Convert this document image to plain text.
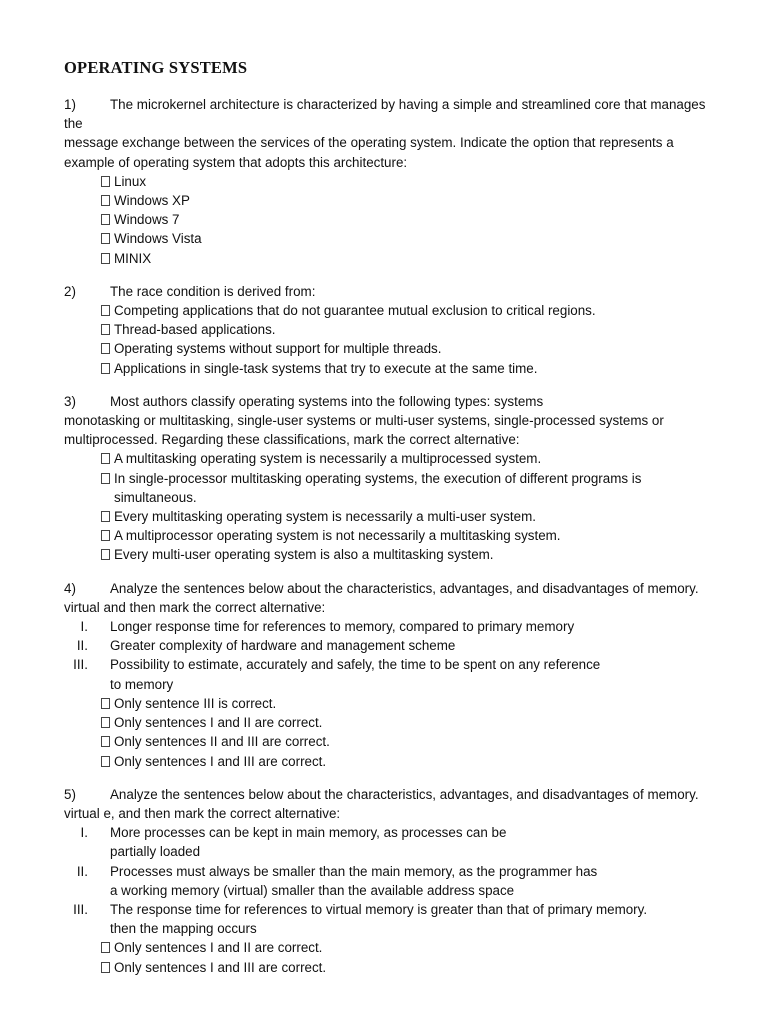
OPERATING SYSTEMS
1)	The microkernel architecture is characterized by having a simple and streamlined core that manages the
message exchange between the services of the operating system. Indicate the option that represents a
example of operating system that adopts this architecture:
Linux
Windows XP
Windows 7
Windows Vista
MINIX
2)	The race condition is derived from:
Competing applications that do not guarantee mutual exclusion to critical regions.
Thread-based applications.
Operating systems without support for multiple threads.
Applications in single-task systems that try to execute at the same time.
3)	Most authors classify operating systems into the following types: systems
monotasking or multitasking, single-user systems or multi-user systems, single-processed systems or
multiprocessed. Regarding these classifications, mark the correct alternative:
A multitasking operating system is necessarily a multiprocessed system.
In single-processor multitasking operating systems, the execution of different programs is
simultaneous.
Every multitasking operating system is necessarily a multi-user system.
A multiprocessor operating system is not necessarily a multitasking system.
Every multi-user operating system is also a multitasking system.
4)	Analyze the sentences below about the characteristics, advantages, and disadvantages of memory.
virtual and then mark the correct alternative:
I. Longer response time for references to memory, compared to primary memory
II. Greater complexity of hardware and management scheme
III. Possibility to estimate, accurately and safely, the time to be spent on any reference
to memory
Only sentence III is correct.
Only sentences I and II are correct.
Only sentences II and III are correct.
Only sentences I and III are correct.
5)	Analyze the sentences below about the characteristics, advantages, and disadvantages of memory.
virtual e, and then mark the correct alternative:
I. More processes can be kept in main memory, as processes can be
partially loaded
II. Processes must always be smaller than the main memory, as the programmer has
a working memory (virtual) smaller than the available address space
III. The response time for references to virtual memory is greater than that of primary memory.
then the mapping occurs
Only sentences I and II are correct.
Only sentences I and III are correct.
